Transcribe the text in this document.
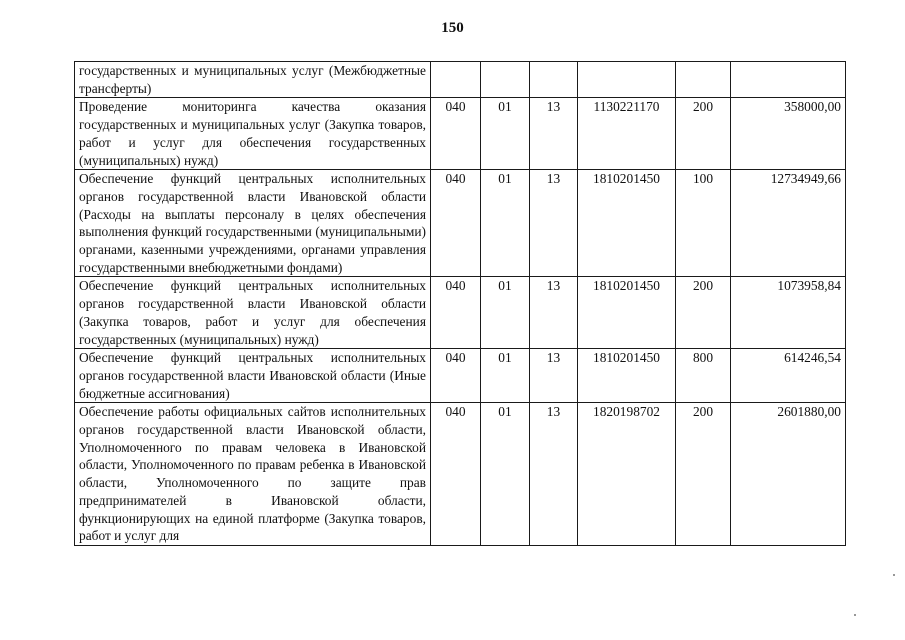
150
государственных и муниципальных услуг (Межбюджетные трансферты)						
Проведение мониторинга качества оказания государственных и муниципальных услуг (Закупка товаров, работ и услуг для обеспечения государственных (муниципальных) нужд)	040	01	13	1130221170	200	358000,00
Обеспечение функций центральных исполнительных органов государственной власти Ивановской области (Расходы на выплаты персоналу в целях обеспечения выполнения функций государственными (муниципальными) органами, казенными учреждениями, органами управления государственными внебюджетными фондами)	040	01	13	1810201450	100	12734949,66
Обеспечение функций центральных исполнительных органов государственной власти Ивановской области (Закупка товаров, работ и услуг для обеспечения государственных (муниципальных) нужд)	040	01	13	1810201450	200	1073958,84
Обеспечение функций центральных исполнительных органов государственной власти Ивановской области (Иные бюджетные ассигнования)	040	01	13	1810201450	800	614246,54
Обеспечение работы официальных сайтов исполнительных органов государственной власти Ивановской области, Уполномоченного по правам человека в Ивановской области, Уполномоченного по правам ребенка в Ивановской области, Уполномоченного по защите прав предпринимателей в Ивановской области, функционирующих на единой платформе (Закупка товаров, работ и услуг для	040	01	13	1820198702	200	2601880,00
